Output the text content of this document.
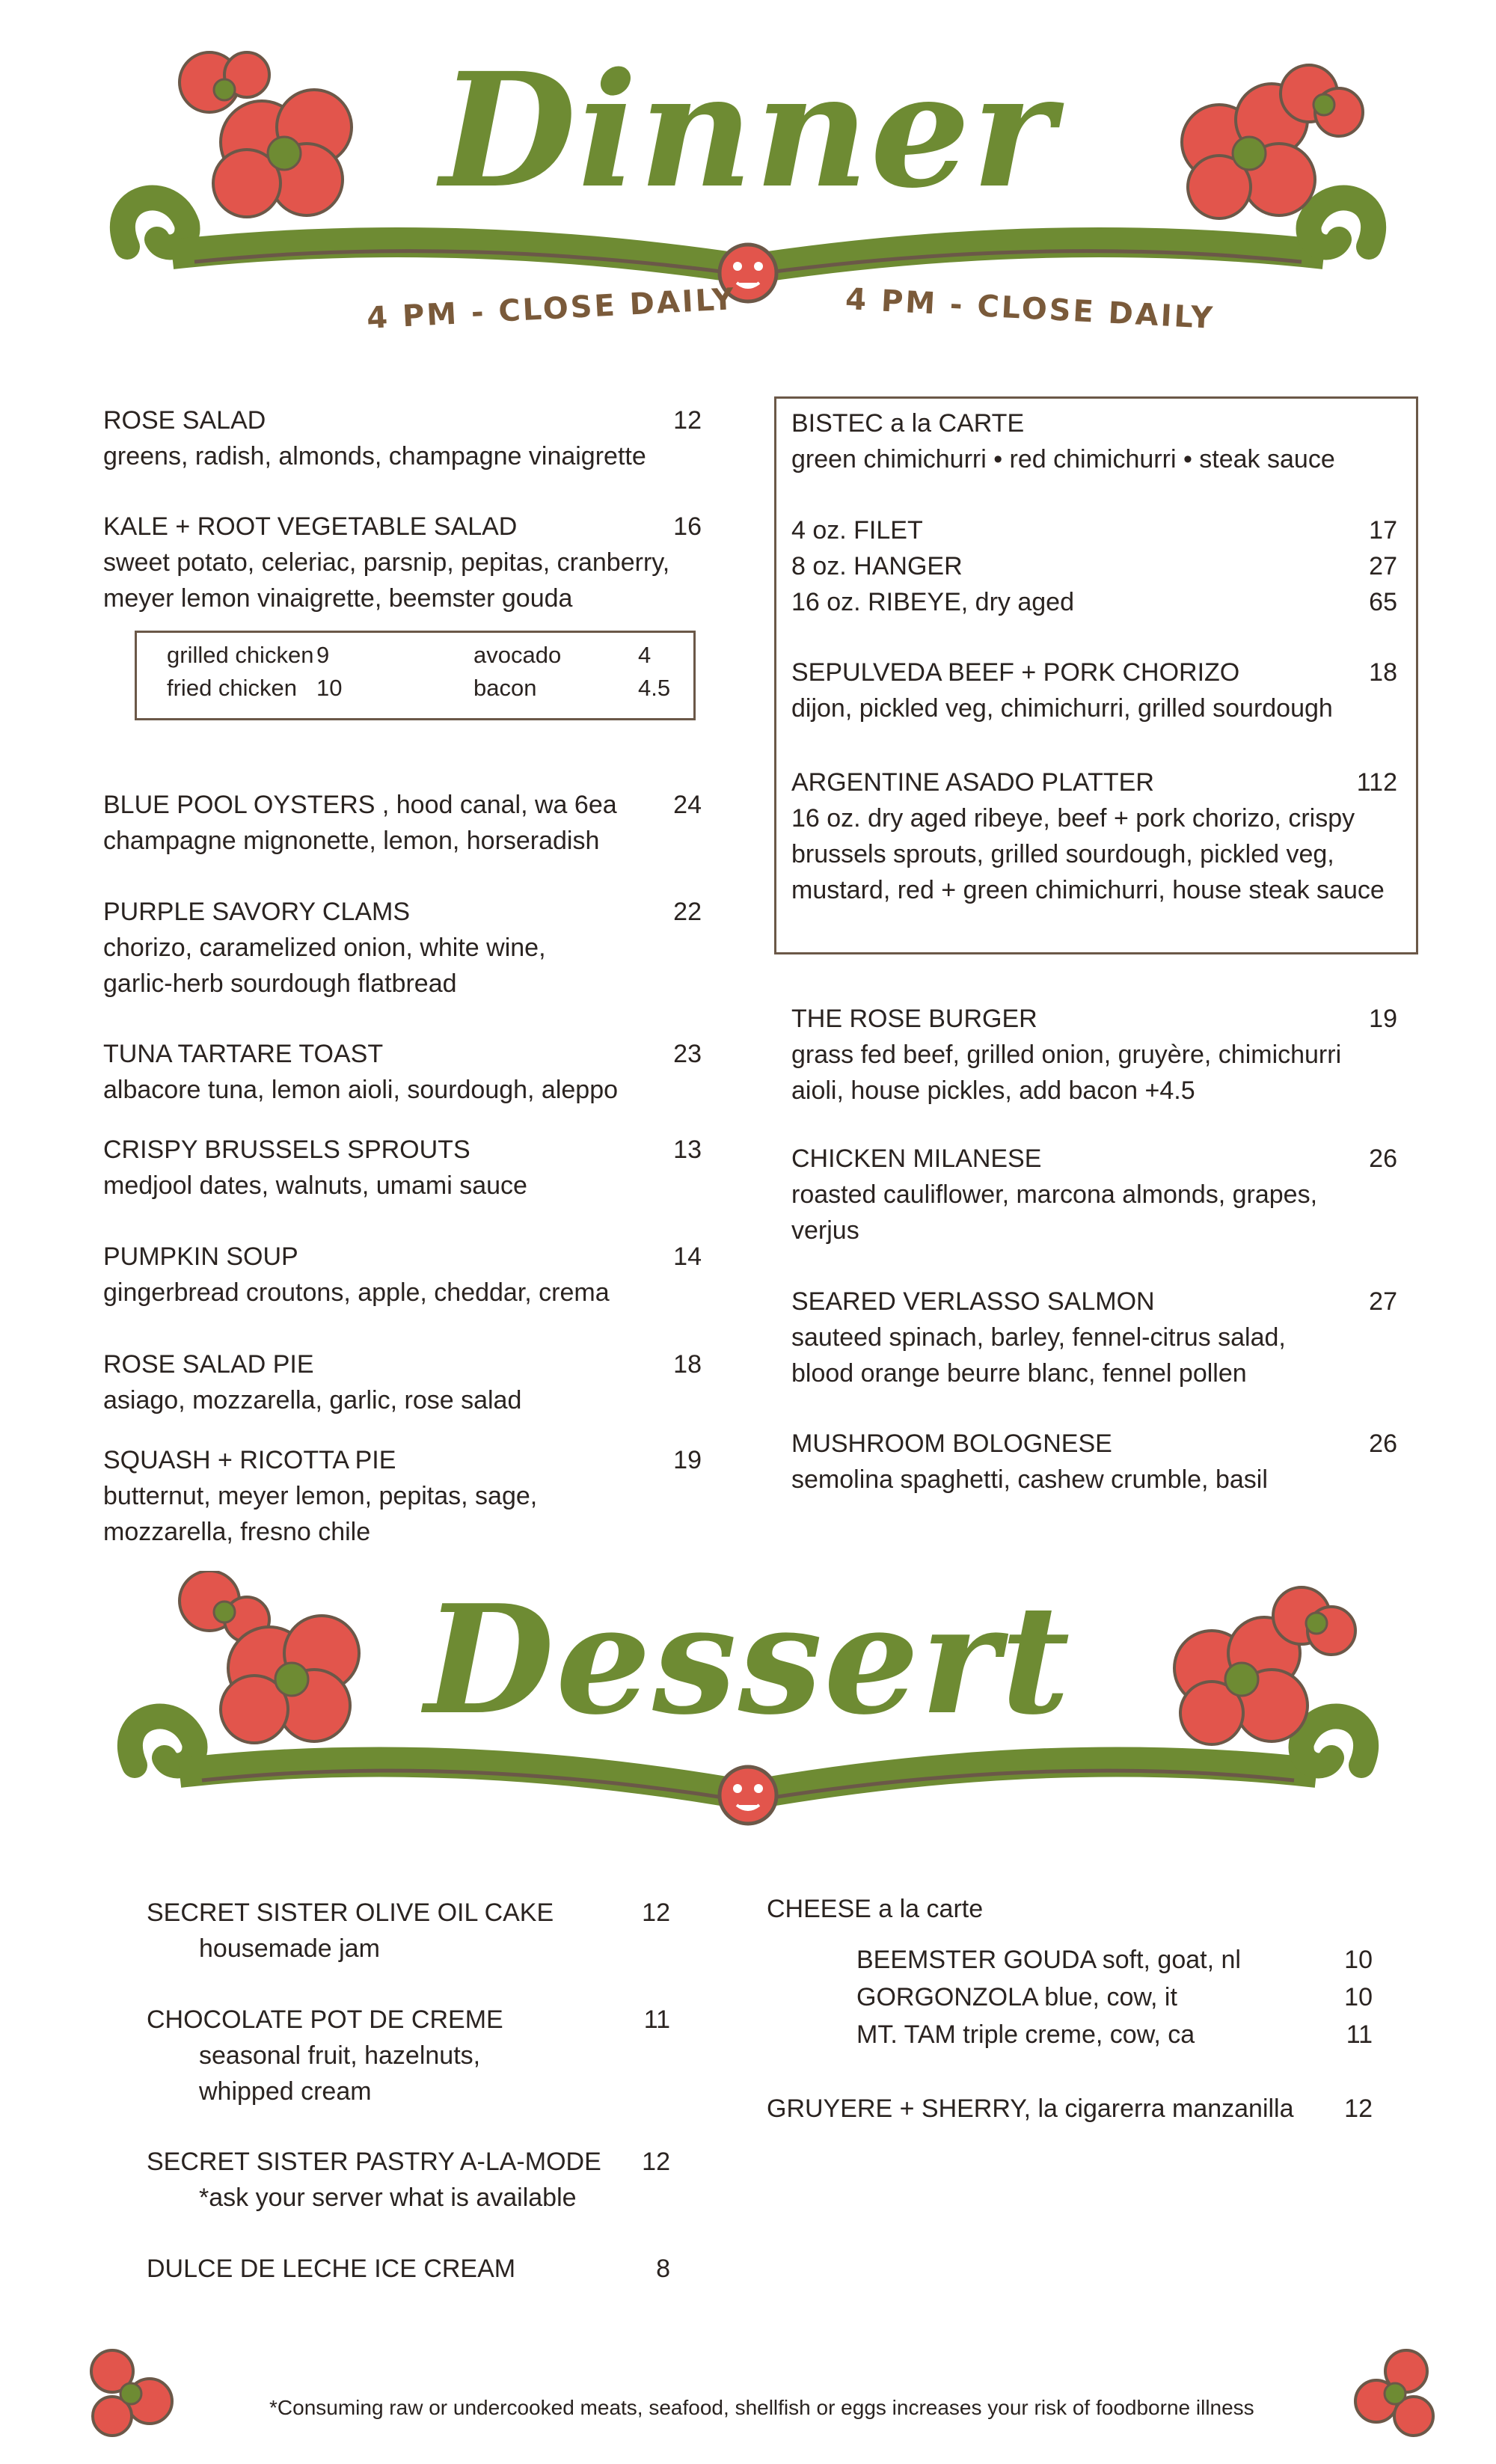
Dinner
4 PM - CLOSE DAILY	4 PM - CLOSE DAILY
ROSE SALAD	12
greens, radish, almonds, champagne vinaigrette
KALE + ROOT VEGETABLE SALAD	16
sweet potato, celeriac, parsnip, pepitas, cranberry,
meyer lemon vinaigrette, beemster gouda
BLUE POOL OYSTERS , hood canal, wa 6ea 24
champagne mignonette, lemon, horseradish
PURPLE SAVORY CLAMS	22
chorizo, caramelized onion, white wine,
garlic-herb sourdough flatbread
TUNA TARTARE TOAST	23
albacore tuna, lemon aioli, sourdough, aleppo
CRISPY BRUSSELS SPROUTS	13
medjool dates, walnuts, umami sauce
PUMPKIN SOUP	14
gingerbread croutons, apple, cheddar, crema
ROSE SALAD PIE	18
asiago, mozzarella, garlic, rose salad
SQUASH + RICOTTA PIE	19
butternut, meyer lemon, pepitas, sage,
mozzarella, fresno chile
grilled chicken 9	avocado	4
fried chicken 10	bacon	4.5
BISTEC a la CARTE
green chimichurri • red chimichurri • steak sauce
4 oz. FILET	17
8 oz. HANGER	27
16 oz. RIBEYE, dry aged	65
SEPULVEDA BEEF + PORK CHORIZO	18
dijon, pickled veg, chimichurri, grilled sourdough
ARGENTINE ASADO PLATTER	112
16 oz. dry aged ribeye, beef + pork chorizo, crispy
brussels sprouts, grilled sourdough, pickled veg,
mustard, red + green chimichurri, house steak sauce
THE ROSE BURGER	19
grass fed beef, grilled onion, gruyère, chimichurri
aioli, house pickles, add bacon +4.5
CHICKEN MILANESE	26
roasted cauliflower, marcona almonds, grapes,
verjus
SEARED VERLASSO SALMON	27
sauteed spinach, barley, fennel-citrus salad,
blood orange beurre blanc, fennel pollen
MUSHROOM BOLOGNESE	26
semolina spaghetti, cashew crumble, basil
Dessert
SECRET SISTER OLIVE OIL CAKE	12
housemade jam
CHOCOLATE POT DE CREME	11
seasonal fruit, hazelnuts,
whipped cream
SECRET SISTER PASTRY A-LA-MODE 12
*ask your server what is available
DULCE DE LECHE ICE CREAM	8
CHEESE a la carte
BEEMSTER GOUDA soft, goat, nl	10
GORGONZOLA blue, cow, it	10
MT. TAM triple creme, cow, ca	11
GRUYERE + SHERRY, la cigarerra manzanilla 12
*Consuming raw or undercooked meats, seafood, shellfish or eggs increases your risk of foodborne illness
